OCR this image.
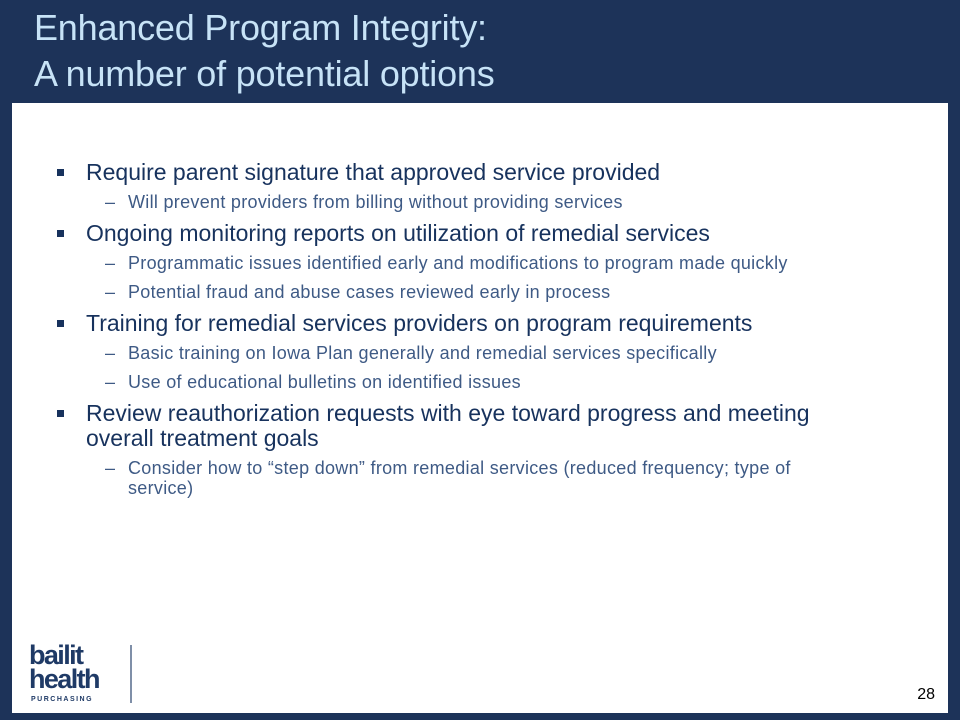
Enhanced Program Integrity:
A number of potential options
Require parent signature that approved service provided
– Will prevent providers from billing without providing services
Ongoing monitoring reports on utilization of remedial services
– Programmatic issues identified early and modifications to program made quickly
– Potential fraud and abuse cases reviewed early in process
Training for remedial services providers on program requirements
– Basic training on Iowa Plan generally and remedial services specifically
– Use of educational bulletins on identified issues
Review reauthorization requests with eye toward progress and meeting overall treatment goals
– Consider how to “step down” from remedial services (reduced frequency; type of service)
bailit
health
PURCHASING	28
